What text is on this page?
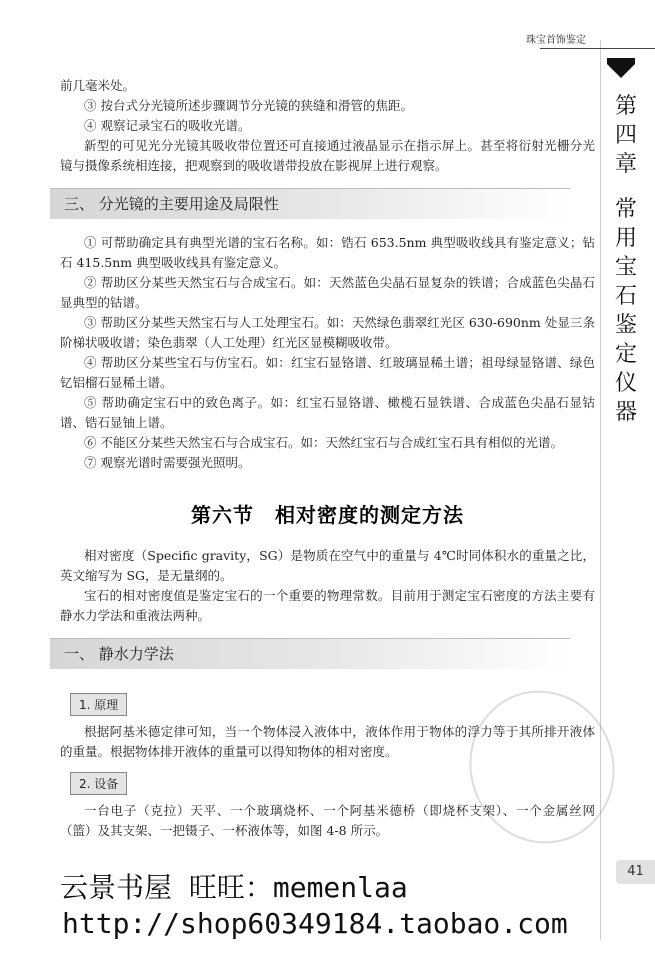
珠宝首饰鉴定
第
四
章
常
用
宝
石
鉴
定
仪
器

前几毫米处。

③ 按台式分光镜所述步骤调节分光镜的狭缝和滑管的焦距。

④ 观察记录宝石的吸收光谱。

新型的可见光分光镜其吸收带位置还可直接通过液晶显示在指示屏上。甚至将衍射光栅分光镜与摄像系统相连接，把观察到的吸收谱带投放在影视屏上进行观察。

三、 分光镜的主要用途及局限性

① 可帮助确定具有典型光谱的宝石名称。如：锆石 653.5nm 典型吸收线具有鉴定意义；钻石 415.5nm 典型吸收线具有鉴定意义。

② 帮助区分某些天然宝石与合成宝石。如：天然蓝色尖晶石显复杂的铁谱；合成蓝色尖晶石显典型的钴谱。

③ 帮助区分某些天然宝石与人工处理宝石。如：天然绿色翡翠红光区 630-690nm 处显三条阶梯状吸收谱；染色翡翠（人工处理）红光区显模糊吸收带。

④ 帮助区分某些宝石与仿宝石。如：红宝石显铬谱、红玻璃显稀土谱；祖母绿显铬谱、绿色钇铝榴石显稀土谱。

⑤ 帮助确定宝石中的致色离子。如：红宝石显铬谱、橄榄石显铁谱、合成蓝色尖晶石显钴谱、锆石显铀上谱。

⑥ 不能区分某些天然宝石与合成宝石。如：天然红宝石与合成红宝石具有相似的光谱。

⑦ 观察光谱时需要强光照明。

第六节　相对密度的测定方法

相对密度（Specific gravity，SG）是物质在空气中的重量与 4℃时同体积水的重量之比，英文缩写为 SG，是无量纲的。

宝石的相对密度值是鉴定宝石的一个重要的物理常数。目前用于测定宝石密度的方法主要有静水力学法和重液法两种。

一、 静水力学法
1. 原理

根据阿基米德定律可知，当一个物体浸入液体中，液体作用于物体的浮力等于其所排开液体的重量。根据物体排开液体的重量可以得知物体的相对密度。

2. 设备

一台电子（克拉）天平、一个玻璃烧杯、一个阿基米德桥（即烧杯支架）、一个金属丝网（篮）及其支架、一把镊子、一杯液体等，如图 4-8 所示。

41
云景书屋 旺旺：memenlaa
http://shop60349184.taobao.com
